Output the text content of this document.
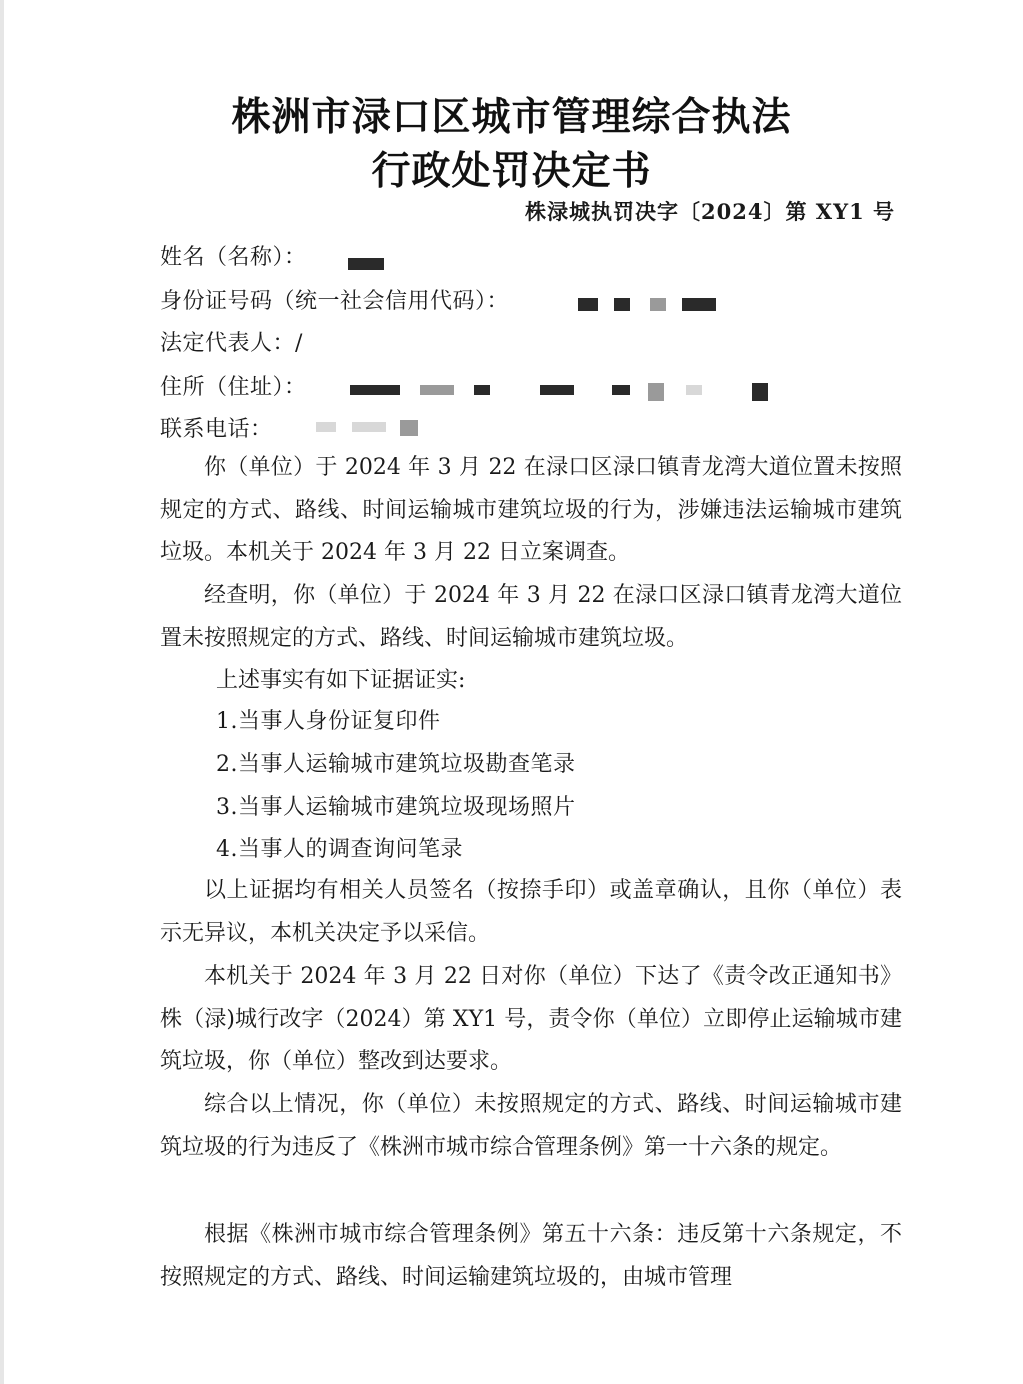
株洲市渌口区城市管理综合执法
行政处罚决定书
株渌城执罚决字〔2024〕第 XY1 号
姓名（名称）：
身份证号码（统一社会信用代码）：
法定代表人：/
住所（住址）：
联系电话：

你（单位）于 2024 年 3 月 22 在渌口区渌口镇青龙湾大道位置未按照规定的方式、路线、时间运输城市建筑垃圾的行为，涉嫌违法运输城市建筑垃圾。本机关于 2024 年 3 月 22 日立案调查。

经查明，你（单位）于 2024 年 3 月 22 在渌口区渌口镇青龙湾大道位置未按照规定的方式、路线、时间运输城市建筑垃圾。

上述事实有如下证据证实:

1.当事人身份证复印件
2.当事人运输城市建筑垃圾勘查笔录
3.当事人运输城市建筑垃圾现场照片
4.当事人的调查询问笔录

以上证据均有相关人员签名（按捺手印）或盖章确认，且你（单位）表示无异议，本机关决定予以采信。

本机关于 2024 年 3 月 22 日对你（单位）下达了《责令改正通知书》株（渌)城行改字（2024）第 XY1 号，责令你（单位）立即停止运输城市建筑垃圾，你（单位）整改到达要求。

综合以上情况，你（单位）未按照规定的方式、路线、时间运输城市建筑垃圾的行为违反了《株洲市城市综合管理条例》第一十六条的规定。

根据《株洲市城市综合管理条例》第五十六条：违反第十六条规定，不按照规定的方式、路线、时间运输建筑垃圾的，由城市管理
